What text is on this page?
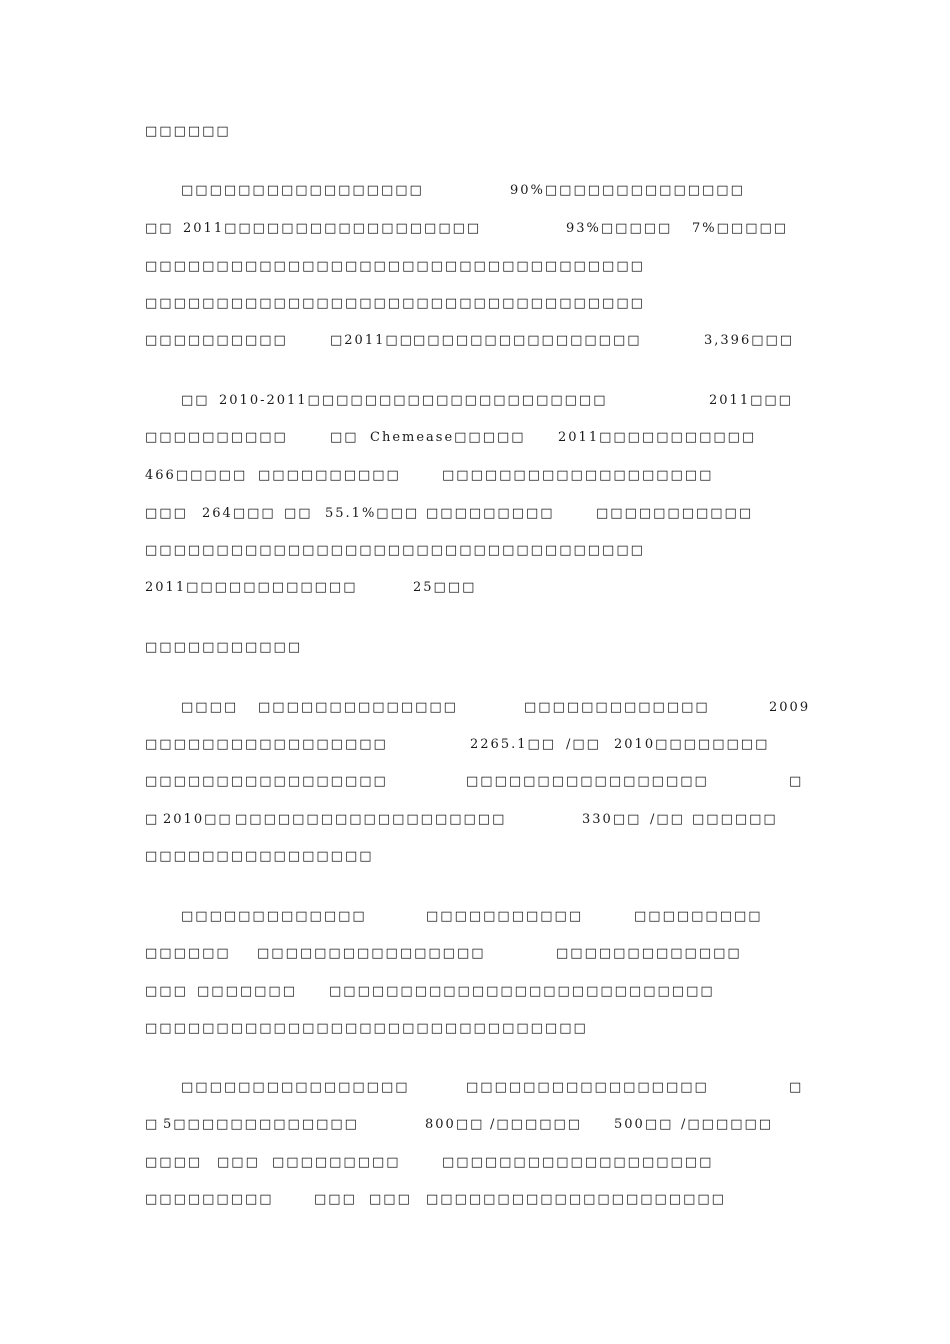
□□□□□□

□□□□□□□□□□□□□□□□□

	90%□□□□□□□□□□□□□□

□□

2011□□□□□□□□□□□□□□□□□□

	93%□□□□□

7%□□□□□

□□□□□□□□□□□□□□□□□□□□□□□□□□□□□□□□□□□

□□□□□□□□□□□□□□□□□□□□□□□□□□□□□□□□□□□

□□□□□□□□□□

	□2011□□

□□□□□□□□□□□□□□□□

	3,396□□□

□□

2010-2011□□□□□□□□□□□□□□□□□□□□□

	2011□□□

□□□□□□□□□□

	□□

Chemease□□□□□

2011□□□□□□□□□□□

466□□□□□

□□□□□□□□□□

	□□□□□□□□□□□□□□□□□□□

□□□

264□□□

□□

55.1%□□□

□□□□□□□□□

	□□□□□□□□□□□

□□□□□□□□□□□□□□□□□□□□□□□□□□□□□□□□□□□

2011□□□□□□□□□□□□

	25□□□

□□□□□□□□□□□

□□□□

□□□□□□□□□□□□□□

	□□□□□□□□□□□□□

	2009

□□□□□□□□□□□□□□□□□

	2265.1□□

/□□

2010□□□□□□□□

□□□□□□□□□□□□□□□□□

	□□□□□□□□□□□□□□□□□

	□

□

2010□□

□□□□□□□□□□□□□□□□□□□

	330□□

/□□

□□□□□□

□□□□□□□□□□□□□□□□

□□□□□□□□□□□□□

	□□□□□□□□□□□

	□□□□□□□□□

□□□□□□

□□□□□□□□□□□□□□□□

	□□□□□□□□□□□□□

□□□

□□□□□□□

□□□□□□□□□□□□□□□□□□□□□□□□□□□

□□□□□□□□□□□□□□□□□□□□□□□□□□□□□□□

□□□□□□□□□□□□□□□□

	□□□□□□□□□□□□□□□□□

	□

□

5□□□□□□□□□□□□□

	800□□

/□□□□□□

500□□

/□□□□□□

□□□□

□□□

□□□□□□□□□

	□□□□□□□□□□□□□□□□□□□

□□□□□□□□□

	□□□

□□□

□□□□□□□□□□□□□□□□□□□□□
